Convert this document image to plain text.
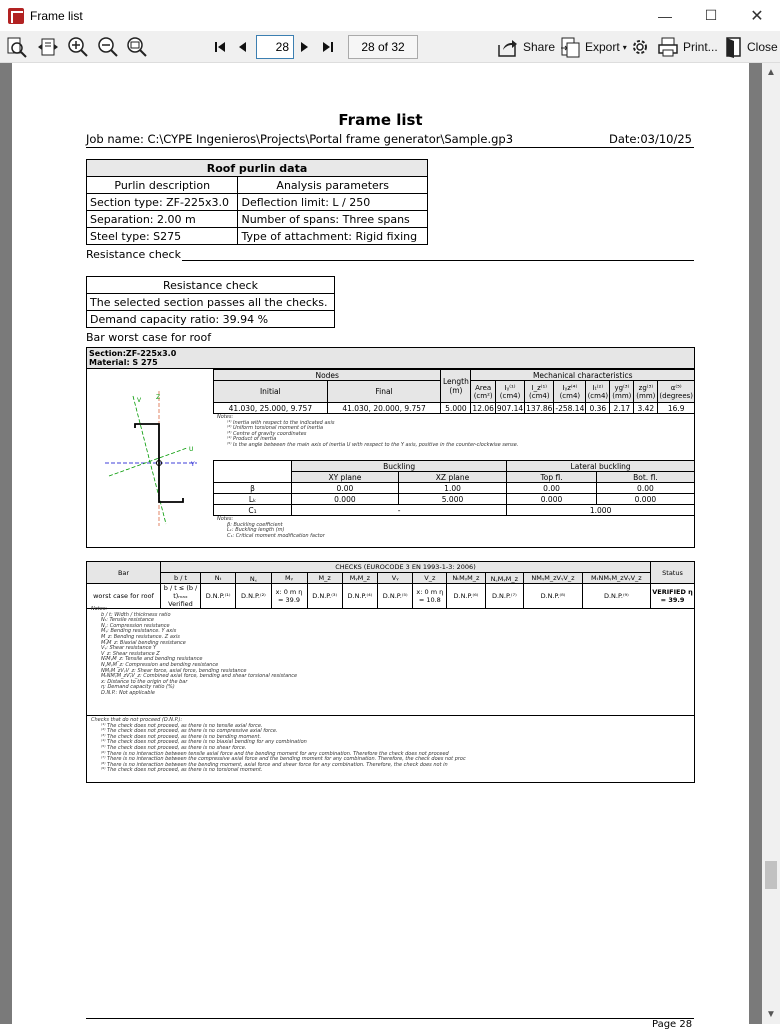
Frame list	—	☐	✕
Share Export ▾	Print... Close
28	28 of 32
Frame list
Job name: C:\CYPE Ingenieros\Projects\Portal frame generator\Sample.gp3	Date:03/10/25
Roof purlin data	
Purlin description	Analysis parameters
Section type: ZF-225x3.0	Deflection limit: L / 250
Separation: 2.00 m	Number of spans: Three spans
Steel type: S275	Type of attachment: Rigid fixing
Resistance check
Resistance check
The selected section passes all the checks.
Demand capacity ratio: 39.94 %
Bar worst case for roof
Section:ZF-225x3.0
Material: S 275
V Z
U
Y
Nodes		Length (m)	Mechanical characteristics							
Initial	Final		Area (cm²)	Iᵧ⁽¹⁾ (cm4)	I_z⁽¹⁾ (cm4)	Iᵧz⁽⁴⁾ (cm4)	Iₜ⁽²⁾ (cm4)	yg⁽³⁾ (mm)	zg⁽³⁾ (mm)	α⁽⁵⁾ (degrees)
41.030, 25.000, 9.757	41.030, 20.000, 9.757	5.000	12.06	907.14	137.86	-258.14	0.36	2.17	3.42	16.9
Notes:
⁽¹⁾ Inertia with respect to the indicated axis
⁽²⁾ Uniform torsional moment of inertia
⁽³⁾ Centre of gravity coordinates
⁽⁴⁾ Product of inertia
⁽⁵⁾ Is the angle between the main axis of inertia U with respect to the Y axis, positive in the counter-clockwise sense.
	Buckling		Lateral buckling	
	XY plane	XZ plane	Top fl.	Bot. fl.
β	0.00	1.00	0.00	0.00
Lₖ	0.000	5.000	0.000	0.000
C₁	-		1.000	
Notes:
β: Buckling coefficient
Lₖ: Buckling length (m)
C₁: Critical moment modification factor
Bar	CHECKS (EUROCODE 3 EN 1993-1-3: 2006)												Status
	b / t	Nₜ	N꜀	Mᵧ	M_z	MᵧM_z	Vᵧ	V_z	NₜMᵧM_z	N꜀MᵧM_z	NMᵧM_zVᵧV_z	MₜNMᵧM_zVᵧV_z	
worst case for roof	b / t ≤ (b / t)ₘₐₓ Verified	D.N.P.⁽¹⁾	D.N.P.⁽²⁾	x: 0 m η = 39.9	D.N.P.⁽³⁾	D.N.P.⁽⁴⁾	D.N.P.⁽⁵⁾	x: 0 m η = 10.8	D.N.P.⁽⁶⁾	D.N.P.⁽⁷⁾	D.N.P.⁽⁸⁾	D.N.P.⁽⁹⁾	VERIFIED η = 39.9
Notes:
b / t: Width / thickness ratio
Nₜ: Tensile resistance
N꜀: Compression resistance
Mᵧ: Bending resistance. Y axis
M_z: Bending resistance. Z axis
MᵧM_z: Biaxial bending resistance
Vᵧ: Shear resistance Y
V_z: Shear resistance Z
NₜMᵧM_z: Tensile and bending resistance
N꜀MᵧM_z: Compression and bending resistance
NMᵧM_zVᵧV_z: Shear force, axial force, bending resistance
MₜNMᵧM_zVᵧV_z: Combined axial force, bending and shear torsional resistance
x: Distance to the origin of the bar
η: Demand capacity ratio (%)
D.N.P.: Not applicable
Checks that do not proceed (D.N.P.):
⁽¹⁾ The check does not proceed, as there is no tensile axial force.
⁽²⁾ The check does not proceed, as there is no compressive axial force.
⁽³⁾ The check does not proceed, as there is no bending moment.
⁽⁴⁾ The check does not proceed, as there is no biaxial bending for any combination
⁽⁵⁾ The check does not proceed, as there is no shear force.
⁽⁶⁾ There is no interaction between tensile axial force and the bending moment for any combination. Therefore the check does not proceed
⁽⁷⁾ There is no interaction between the compressive axial force and the bending moment for any combination. Therefore, the check does not proc
⁽⁸⁾ There is no interaction between the bending moment, axial force and shear force for any combination. Therefore, the check does not in
⁽⁹⁾ The check does not proceed, as there is no torsional moment.
Page 28
▲
▼
